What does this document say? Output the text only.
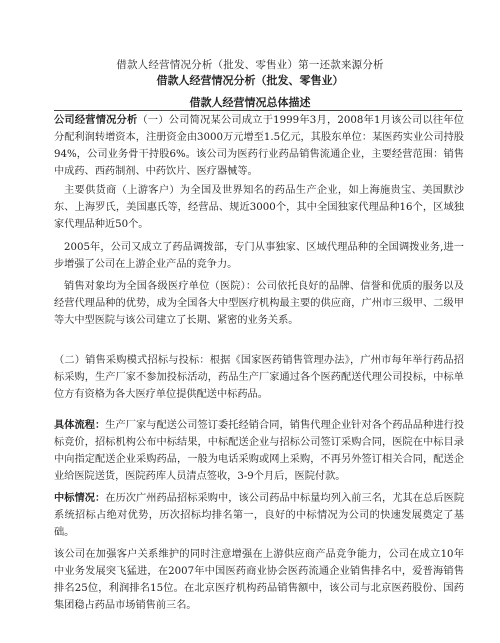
借款人经营情况分析（批发、零售业）第一还款来源分析
借款人经营情况分析（批发、零售业）
借款人经营情况总体描述

公司经营情况分析（一）公司简况某公司成立于1999年3月，2008年1月该公司以往年位分配利润转增资本，注册资金由3000万元增至1.5亿元，其股东单位：某医药实业公司持股94%，公司业务骨干持股6%。该公司为医药行业药品销售流通企业，主要经营范围：销售中成药、西药制剂、中药饮片、医疗器械等。

主要供货商（上游客户）为全国及世界知名的药品生产企业，如上海施贵宝、美国默沙东、上海罗氏，美国惠氏等，经营品、规近3000个，其中全国独家代理品种16个，区域独家代理品种近50个。

2005年，公司又成立了药品调拨部，专门从事独家、区域代理品种的全国调拨业务,进一步增强了公司在上游企业产品的竞争力。

销售对象均为全国各级医疗单位（医院）：公司依托良好的品牌、信誉和优质的服务以及经营代理品种的优势，成为全国各大中型医疗机构最主要的供应商，广州市三级甲、二级甲等大中型医院与该公司建立了长期、紧密的业务关系。

（二）销售采购模式招标与投标：根据《国家医药销售管理办法》，广州市每年举行药品招标采购，生产厂家不参加投标活动，药品生产厂家通过各个医药配送代理公司投标，中标单位方有资格为各大医疗单位提供配送中标药品。

具体流程：生产厂家与配送公司签订委托经销合同，销售代理企业针对各个药品品种进行投标竞价，招标机构公布中标结果，中标配送企业与招标公司签订采购合同，医院在中标目录中向指定配送企业采购药品，一般为电话采购或网上采购，不再另外签订相关合同，配送企业给医院送货，医院药库人员清点签收，3-9个月后，医院付款。

中标情况：在历次广州药品招标采购中，该公司药品中标量均列入前三名，尤其在总后医院系统招标占绝对优势，历次招标均排名第一，良好的中标情况为公司的快速发展奠定了基础。

该公司在加强客户关系维护的同时注意增强在上游供应商产品竞争能力，公司在成立10年中业务发展突飞猛进，在2007年中国医药商业协会医药流通企业销售排名中，爱普海销售排名25位，利润排名15位。在北京医疗机构药品销售额中，该公司与北京医药股份、国药集团稳占药品市场销售前三名。
